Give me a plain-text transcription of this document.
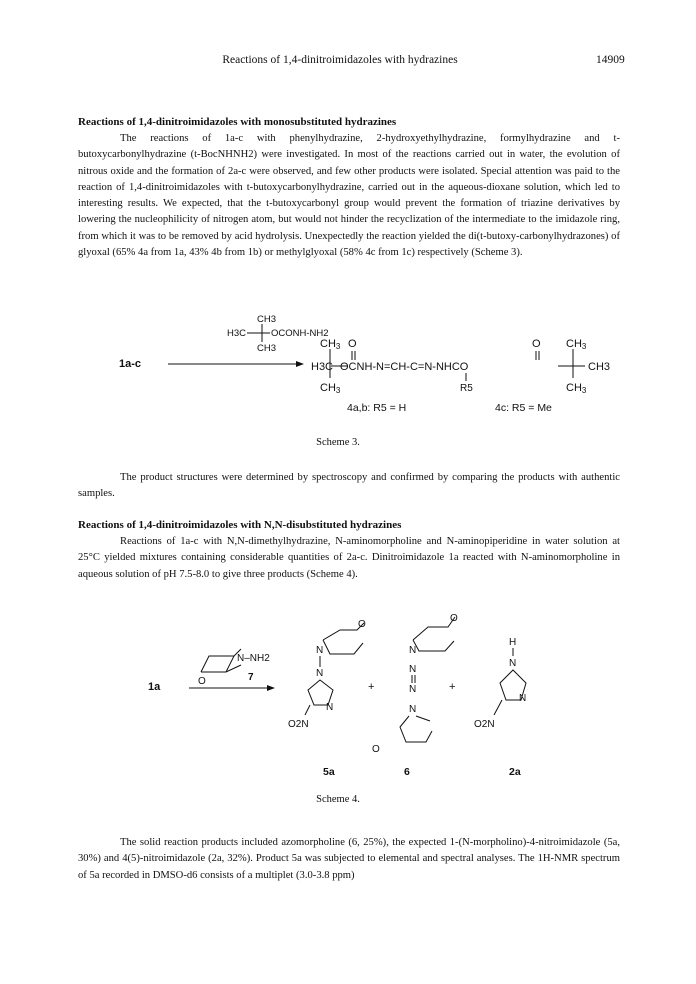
Reactions of 1,4-dinitroimidazoles with hydrazines	14909
Reactions of 1,4-dinitroimidazoles with monosubstituted hydrazines

The reactions of 1a-c with phenylhydrazine, 2-hydroxyethylhydrazine, formylhydrazine and t-butoxycarbonylhydrazine (t-BocNHNH2) were investigated. In most of the reactions carried out in water, the evolution of nitrous oxide and the formation of 2a-c were observed, and few other products were isolated. Special attention was paid to the reaction of 1,4-dinitroimidazoles with t-butoxycarbonylhydrazine, carried out in the aqueous-dioxane solution, which led to interesting results. We expected, that the t-butoxycarbonyl group would prevent the formation of triazine derivatives by lowering the nucleophilicity of nitrogen atom, but would not hinder the recyclization of the intermediate to the imidazole ring, from which it was to be removed by acid hydrolysis. Unexpectedly the reaction yielded the di(t-butoxy-carbonylhydrazones) of glyoxal (65% 4a from 1a, 43% 4b from 1b) or methylglyoxal (58% 4c from 1c) respectively (Scheme 3).

CH3
H3C	OCONH-NH2
CH3
1a-c
CH3 O	O CH3
H3C OCNH-N=CH-C=N-NHCO	CH3
CH3	CH3
R5
4a,b: R5 = H	4c: R5 = Me
Scheme 3.

The product structures were determined by spectroscopy and confirmed by comparing the products with authentic samples.

Reactions of 1,4-dinitroimidazoles with N,N-disubstituted hydrazines

Reactions of 1a-c with N,N-dimethylhydrazine, N-aminomorpholine and N-aminopiperidine in water solution at 25°C yielded mixtures containing considerable quantities of 2a-c. Dinitroimidazole 1a reacted with N-aminomorpholine in aqueous solution of pH 7.5-8.0 to give three products (Scheme 4).

O
N–NH2
7
1a
O
N
N
N
O2N
+
O
N
N
N
N
O
+
H
N
N
O2N
5a	6	2a
Scheme 4.

The solid reaction products included azomorpholine (6, 25%), the expected 1-(N-morpholino)-4-nitroimidazole (5a, 30%) and 4(5)-nitroimidazole (2a, 32%). Product 5a was subjected to elemental and spectral analyses. The 1H-NMR spectrum of 5a recorded in DMSO-d6 consists of a multiplet (3.0-3.8 ppm)
